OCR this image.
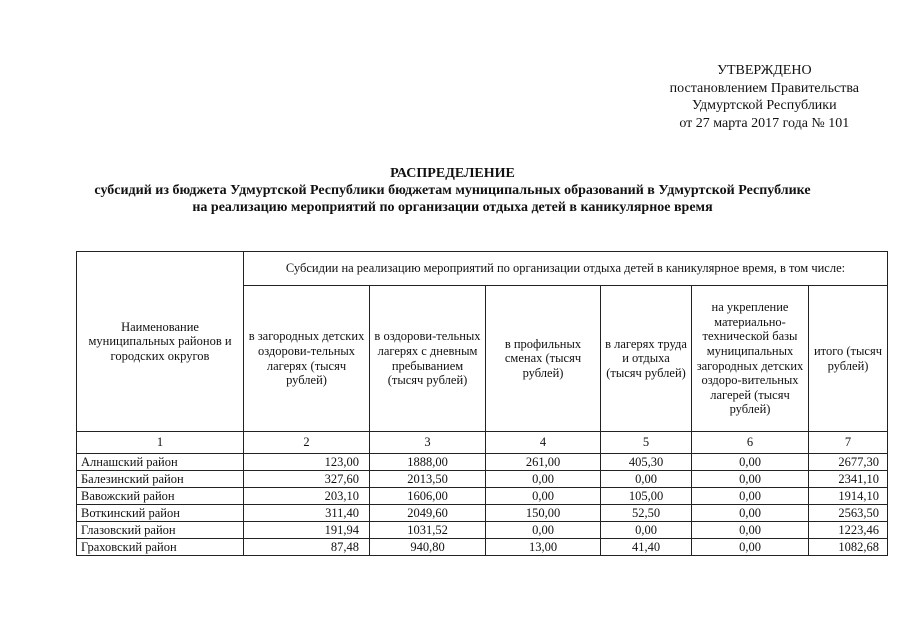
УТВЕРЖДЕНО
постановлением Правительства
Удмуртской Республики
от 27 марта 2017 года № 101
РАСПРЕДЕЛЕНИЕ
субсидий из бюджета Удмуртской Республики бюджетам муниципальных образований в Удмуртской Республике
на реализацию мероприятий по организации отдыха детей в каникулярное время
Наименование муниципальных районов и городских округов	Субсидии на реализацию мероприятий по организации отдыха детей в каникулярное время, в том числе:					
	в загородных детских оздорови-тельных лагерях (тысяч рублей)	в оздорови-тельных лагерях с дневным пребыванием (тысяч рублей)	в профильных сменах (тысяч рублей)	в лагерях труда и отдыха (тысяч рублей)	на укрепление материально-технической базы муниципальных загородных детских оздоро-вительных лагерей (тысяч рублей)	итого (тысяч рублей)
1	2	3	4	5	6	7
Алнашский район	123,00	1888,00	261,00	405,30	0,00	2677,30
Балезинский район	327,60	2013,50	0,00	0,00	0,00	2341,10
Вавожский район	203,10	1606,00	0,00	105,00	0,00	1914,10
Воткинский район	311,40	2049,60	150,00	52,50	0,00	2563,50
Глазовский район	191,94	1031,52	0,00	0,00	0,00	1223,46
Граховский район	87,48	940,80	13,00	41,40	0,00	1082,68
